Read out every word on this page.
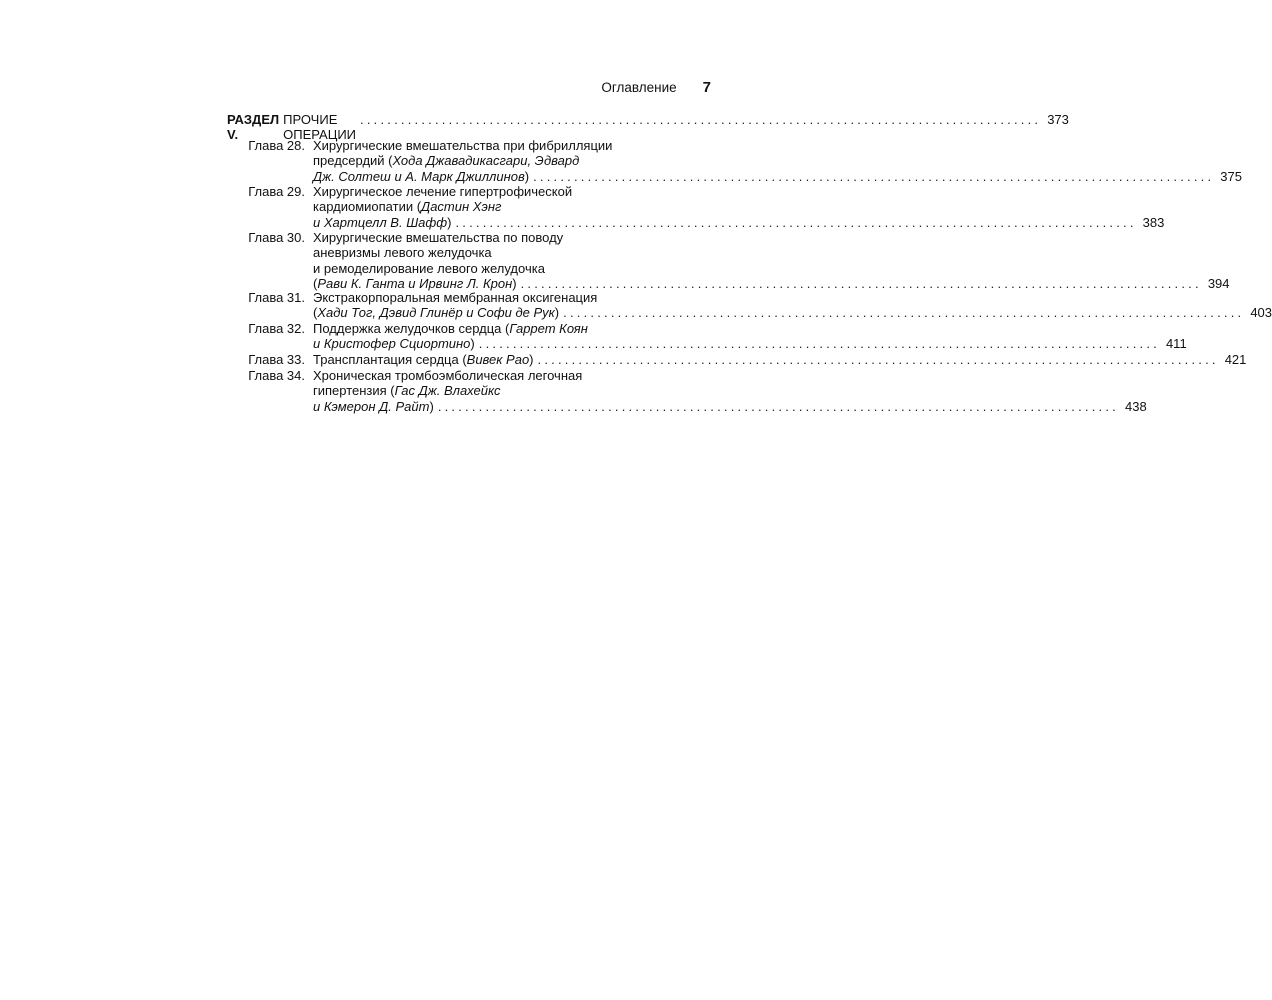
Оглавление 7
РАЗДЕЛ V.
ПРОЧИЕ ОПЕРАЦИИ
.................................................................................................... 373
Глава 28. Хирургические вмешательства при фибрилляции
предсердий (Хода Джавадикасгари, Эдвард
Дж. Солтеш и А. Марк Джиллинов) .................................................................................................... 375
Глава 29. Хирургическое лечение гипертрофической
кардиомиопатии (Дастин Хэнг
и Хартцелл В. Шафф) .................................................................................................... 383
Глава 30. Хирургические вмешательства по поводу
аневризмы левого желудочка
и ремоделирование левого желудочка
(Рави К. Ганта и Ирвинг Л. Крон) .................................................................................................... 394
Глава 31. Экстракорпоральная мембранная оксигенация
(Хади Тог, Дэвид Глинёр и Софи де Рук) .................................................................................................... 403
Глава 32. Поддержка желудочков сердца (Гаррет Коян
и Кристофер Сциортино) .................................................................................................... 411
Глава 33. Трансплантация сердца (Вивек Рао) .................................................................................................... 421
Глава 34. Хроническая тромбоэмболическая легочная
гипертензия (Гас Дж. Влахейкс
и Кэмерон Д. Райт) .................................................................................................... 438
